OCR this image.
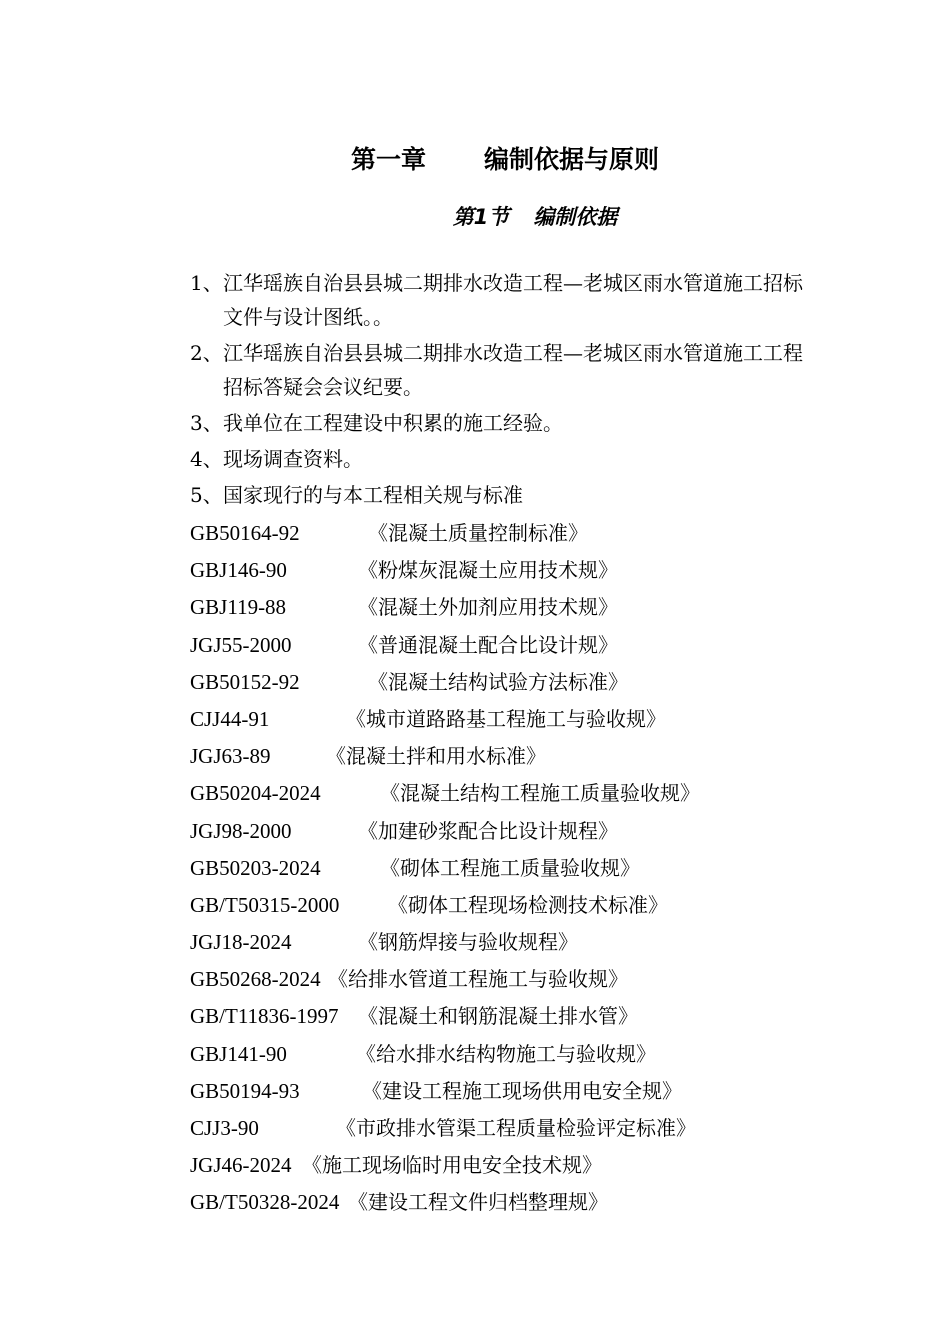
第一章 编制依据与原则
第1节 编制依据
1、 江华瑶族自治县县城二期排水改造工程—老城区雨水管道施工招标文件与设计图纸。。
2、 江华瑶族自治县县城二期排水改造工程—老城区雨水管道施工工程招标答疑会会议纪要。
3、 我单位在工程建设中积累的施工经验。
4、 现场调查资料。
5、 国家现行的与本工程相关规与标准
GB50164-92	《混凝土质量控制标准》
GBJ146-90	《粉煤灰混凝土应用技术规》
GBJ119-88	《混凝土外加剂应用技术规》
JGJ55-2000	《普通混凝土配合比设计规》
GB50152-92	《混凝土结构试验方法标准》
CJJ44-91	《城市道路路基工程施工与验收规》
JGJ63-89	《混凝土拌和用水标准》
GB50204-2024	《混凝土结构工程施工质量验收规》
JGJ98-2000	《加建砂浆配合比设计规程》
GB50203-2024	《砌体工程施工质量验收规》
GB/T50315-2000 《砌体工程现场检测技术标准》
JGJ18-2024	《钢筋焊接与验收规程》
GB50268-2024 《给排水管道工程施工与验收规》
GB/T11836-1997 《混凝土和钢筋混凝土排水管》
GBJ141-90	《给水排水结构物施工与验收规》
GB50194-93	《建设工程施工现场供用电安全规》
CJJ3-90	《市政排水管渠工程质量检验评定标准》
JGJ46-2024 《施工现场临时用电安全技术规》
GB/T50328-2024 《建设工程文件归档整理规》
